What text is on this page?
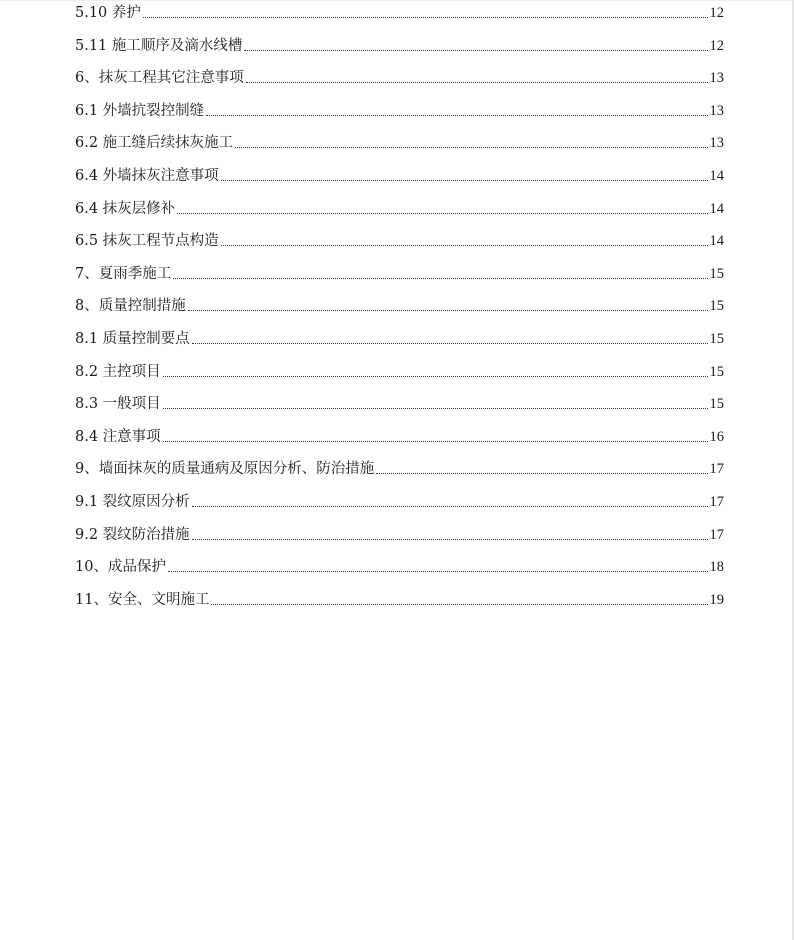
5.10 养护	12
5.11 施工顺序及滴水线槽	12
6、抹灰工程其它注意事项	13
6.1 外墙抗裂控制缝	13
6.2 施工缝后续抹灰施工	13
6.4 外墙抹灰注意事项	14
6.4 抹灰层修补	14
6.5 抹灰工程节点构造	14
7、夏雨季施工	15
8、质量控制措施	15
8.1 质量控制要点	15
8.2 主控项目	15
8.3 一般项目	15
8.4 注意事项	16
9、墙面抹灰的质量通病及原因分析、防治措施	17
9.1 裂纹原因分析	17
9.2 裂纹防治措施	17
10、成品保护	18
11、安全、文明施工	19
